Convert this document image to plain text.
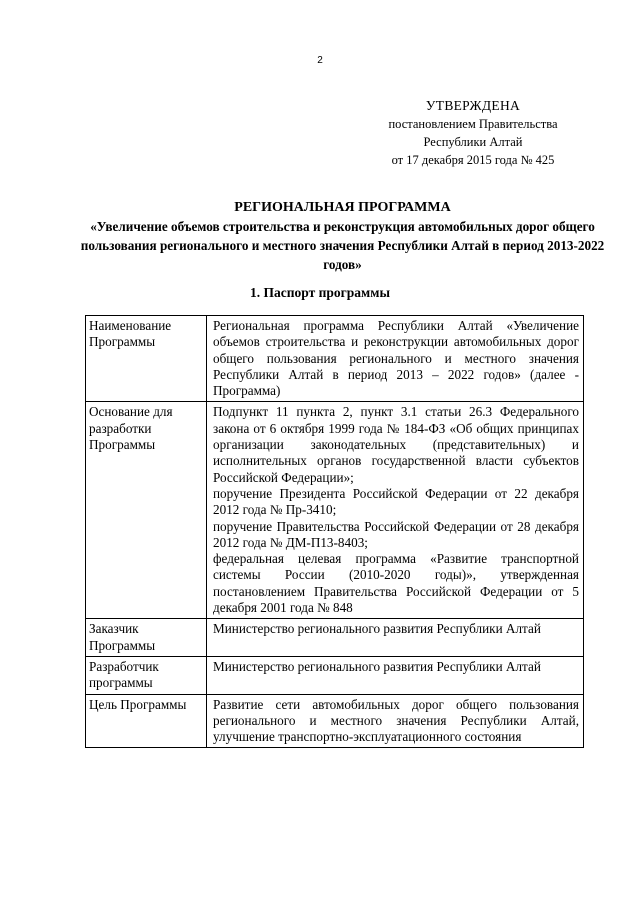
2
УТВЕРЖДЕНА
постановлением Правительства
Республики Алтай
от 17 декабря 2015 года № 425
РЕГИОНАЛЬНАЯ ПРОГРАММА
«Увеличение объемов строительства и реконструкция автомобильных дорог общего пользования регионального и местного значения Республики Алтай в период 2013-2022 годов»
1. Паспорт программы
Наименование Программы	Региональная программа Республики Алтай «Увеличение объемов строительства и реконструкции автомобильных дорог общего пользования регионального и местного значения Республики Алтай в период 2013 – 2022 годов» (далее - Программа)

Основание для разработки Программы	Подпункт 11 пункта 2, пункт 3.1 статьи 26.3 Федерального закона от 6 октября 1999 года № 184-ФЗ «Об общих принципах организации законодательных (представительных) и исполнительных органов государственной власти субъектов Российской Федерации»;
поручение Президента Российской Федерации от 22 декабря 2012 года № Пр-3410;
поручение Правительства Российской Федерации от 28 декабря 2012 года № ДМ-П13-8403;
федеральная целевая программа «Развитие транспортной системы России (2010-2020 годы)», утвержденная постановлением Правительства Российской Федерации от 5 декабря 2001 года № 848

Заказчик Программы	Министерство регионального развития Республики Алтай

Разработчик программы	Министерство регионального развития Республики Алтай

Цель Программы	Развитие сети автомобильных дорог общего пользования регионального и местного значения Республики Алтай, улучшение транспортно-эксплуатационного состояния
